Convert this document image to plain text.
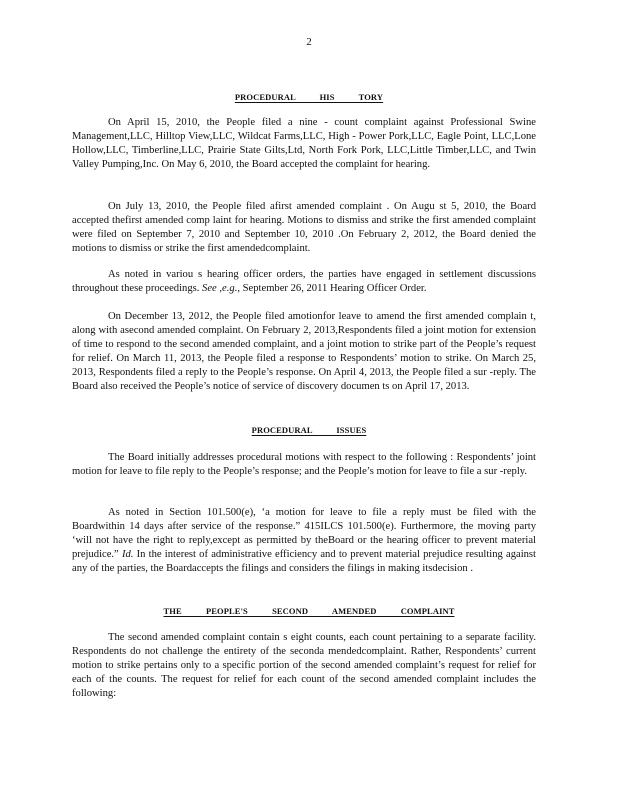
2
PROCEDURAL HIS TORY

On April 15, 2010, the People filed a nine - count complaint against Professional Swine Management,LLC, Hilltop View,LLC, Wildcat Farms,LLC, High - Power Pork,LLC, Eagle Point, LLC,Lone Hollow,LLC, Timberline,LLC, Prairie State Gilts,Ltd, North Fork Pork, LLC,Little Timber,LLC, and Twin Valley Pumping,Inc. On May 6, 2010, the Board accepted the complaint for hearing.

On July 13, 2010, the People filed afirst amended complaint . On Augu st 5, 2010, the Board accepted thefirst amended comp laint for hearing. Motions to dismiss and strike the first amended complaint were filed on September 7, 2010 and September 10, 2010 .On February 2, 2012, the Board denied the motions to dismiss or strike the first amendedcomplaint.

As noted in variou s hearing officer orders, the parties have engaged in settlement discussions throughout these proceedings. See ,e.g., September 26, 2011 Hearing Officer Order.

On December 13, 2012, the People filed amotionfor leave to amend the first amended complain t, along with asecond amended complaint. On February 2, 2013,Respondents filed a joint motion for extension of time to respond to the second amended complaint, and a joint motion to strike part of the People’s request for relief. On March 11, 2013, the People filed a response to Respondents’ motion to strike. On March 25, 2013, Respondents filed a reply to the People’s response. On April 4, 2013, the People filed a sur -reply. The Board also received the People’s notice of service of discovery documen ts on April 17, 2013.

PROCEDURAL ISSUES

The Board initially addresses procedural motions with respect to the following : Respondents’ joint motion for leave to file reply to the People’s response; and the People’s motion for leave to file a sur -reply.

As noted in Section 101.500(e), ‘a motion for leave to file a reply must be filed with the Boardwithin 14 days after service of the response.” 415ILCS 101.500(e). Furthermore, the moving party ‘will not have the right to reply,except as permitted by theBoard or the hearing officer to prevent material prejudice.” Id. In the interest of administrative efficiency and to prevent material prejudice resulting against any of the parties, the Boardaccepts the filings and considers the filings in making itsdecision .

THE PEOPLE'S SECOND AMENDED COMPLAINT

The second amended complaint contain s eight counts, each count pertaining to a separate facility. Respondents do not challenge the entirety of the seconda mendedcomplaint. Rather, Respondents’ current motion to strike pertains only to a specific portion of the second amended complaint’s request for relief for each of the counts. The request for relief for each count of the second amended complaint includes the following:
